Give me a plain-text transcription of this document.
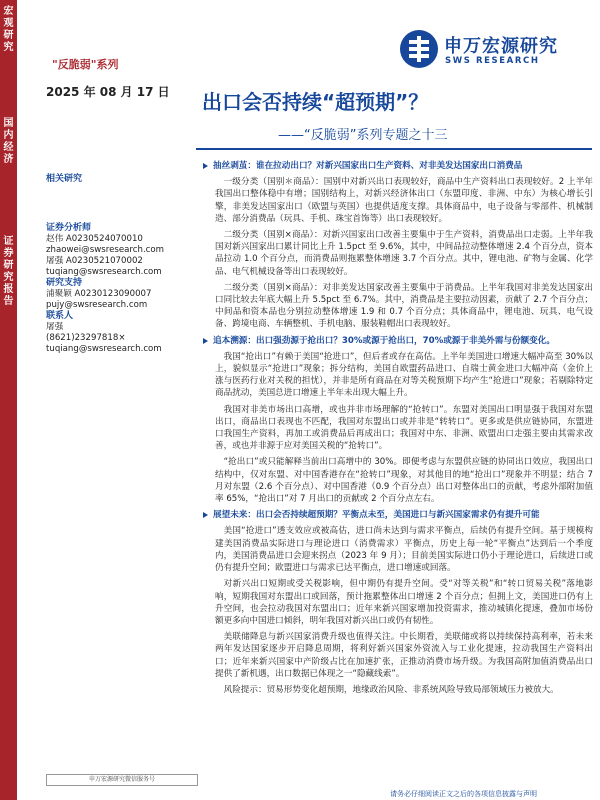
宏观研究
国内经济
证券研究报告
"反脆弱"系列
申万宏源研究
SWS RESEARCH
2025 年 08 月 17 日 出口会否持续“超预期”？
——“反脆弱”系列专题之十三
相关研究
证券分析师
赵伟 A0230524070010
zhaowei@swsresearch.com
屠强 A0230521070002
tuqiang@swsresearch.com
研究支持
浦聚颖 A0230123090007
pujy@swsresearch.com
联系人
屠强
(8621)23297818×
tuqiang@swsresearch.com
申万宏源研究微信服务号
抽丝剥茧：谁在拉动出口？对新兴国家出口生产资料、对非美发达国家出口消费品
一级分类（国别＊商品）：国别中对新兴出口表现较好，商品中生产资料出口表现较好。2 上半年我国出口整体稳中有增；国别结构上，对新兴经济体出口（东盟印度、非洲、中东）为核心增长引擎，非美发达国家出口（欧盟与英国）也提供适度支撑。具体商品中，电子设备与零部件、机械制造、部分消费品（玩具、手机、珠宝首饰等）出口表现较好。
二级分类（国别×商品）：对新兴国家出口改善主要集中于生产资料，消费品出口走弱。上半年我国对新兴国家出口累计同比上升 1.5pct 至 9.6%，其中，中间品拉动整体增速 2.4 个百分点，资本品拉动 1.0 个百分点，而消费品则拖累整体增速 3.7 个百分点。其中，锂电池、矿物与金属、化学品、电气机械设备等出口表现较好。
二级分类（国别×商品）：对非美发达国家改善主要集中于消费品。上半年我国对非美发达国家出口同比较去年底大幅上升 5.5pct 至 6.7%。其中，消费品是主要拉动因素，贡献了 2.7 个百分点；中间品和资本品也分别拉动整体增速 1.9 和 0.7 个百分点；具体商品中，锂电池、玩具、电气设备、跨境电商、车辆整机、手机电脑、服装鞋帽出口表现较好。
追本溯源：出口强劲源于抢出口？30%或源于抢出口，70%或源于非美外需与份额变化。
我国“抢出口”有赖于美国“抢进口”，但后者或存在高估。上半年美国进口增速大幅冲高至 30%以上，貌似显示“抢进口”现象；拆分结构，美国自欧盟药品进口、自瑞士黄金进口大幅冲高（金价上涨与医药行业对关税的担忧），并非是所有商品在对等关税预期下均产生“抢进口”现象；若剔除特定商品扰动，美国总进口增速上半年未出现大幅上升。
我国对非美市场出口高增，或也并非市场理解的“抢转口”。东盟对美国出口明显强于我国对东盟出口，商品出口表现也不匹配，我国对东盟出口或并非是“转转口”。更多或是供应链协同，东盟进口我国生产资料，再加工或消费品后再成出口；我国对中东、非洲、欧盟出口走强主要由其需求改善，或也并非源于应对美国关税的“抢转口”。
“抢出口”或只能解释当前出口高增中的 30%。即便考虑与东盟供应链的协同出口效应，我国出口结构中，仅对东盟、对中国香港存在“抢转口”现象，对其他目的地“抢出口”现象并不明显；结合 7 月对东盟（2.6 个百分点）、对中国香港（0.9 个百分点）出口对整体出口的贡献，考虑外部附加值率 65%，“抢出口”对 7 月出口的贡献或 2 个百分点左右。
展望未来：出口会否持续超预期？平衡点未至，美国进口与新兴国家需求仍有提升可能
美国“抢进口”透支效应或被高估，进口尚未达到与需求平衡点，后续仍有提升空间。基于规模构建美国消费品实际进口与理论进口（消费需求）平衡点，历史上每一轮“平衡点”达到后一个季度内，美国消费品进口会迎来拐点（2023 年 9 月）；目前美国实际进口仍小于理论进口，后续进口或仍有提升空间；欧盟进口与需求已达平衡点，进口增速或回落。
对新兴出口短期或受关税影响，但中期仍有提升空间。受“对等关税”和“转口贸易关税”落地影响，短期我国对东盟出口或回落，预计拖累整体出口增速 2 个百分点；但拥上文，美国进口仍有上升空间，也会拉动我国对东盟出口；近年来新兴国家增加投资需求，推动城镇化提速，叠加市场份额更多向中国进口倾斜，明年我国对新兴出口或仍有韧性。
美联储降息与新兴国家消费升级也值得关注。中长期看，美联储或将以持续保持高利率，若未来两年发达国家逐步开启降息周期，将利好新兴国家外资流入与工业化提速，拉动我国生产资料出口；近年来新兴国家中产阶级占比在加速扩张，正推动消费市场升级。为我国高附加值消费品出口提供了新机遇，出口数据已体现之一“隐藏线索”。
风险提示：贸易形势变化超预期，地缘政治风险、非系统风险导致局部领域压力被放大。
请务必仔细阅读正文之后的各项信息披露与声明
